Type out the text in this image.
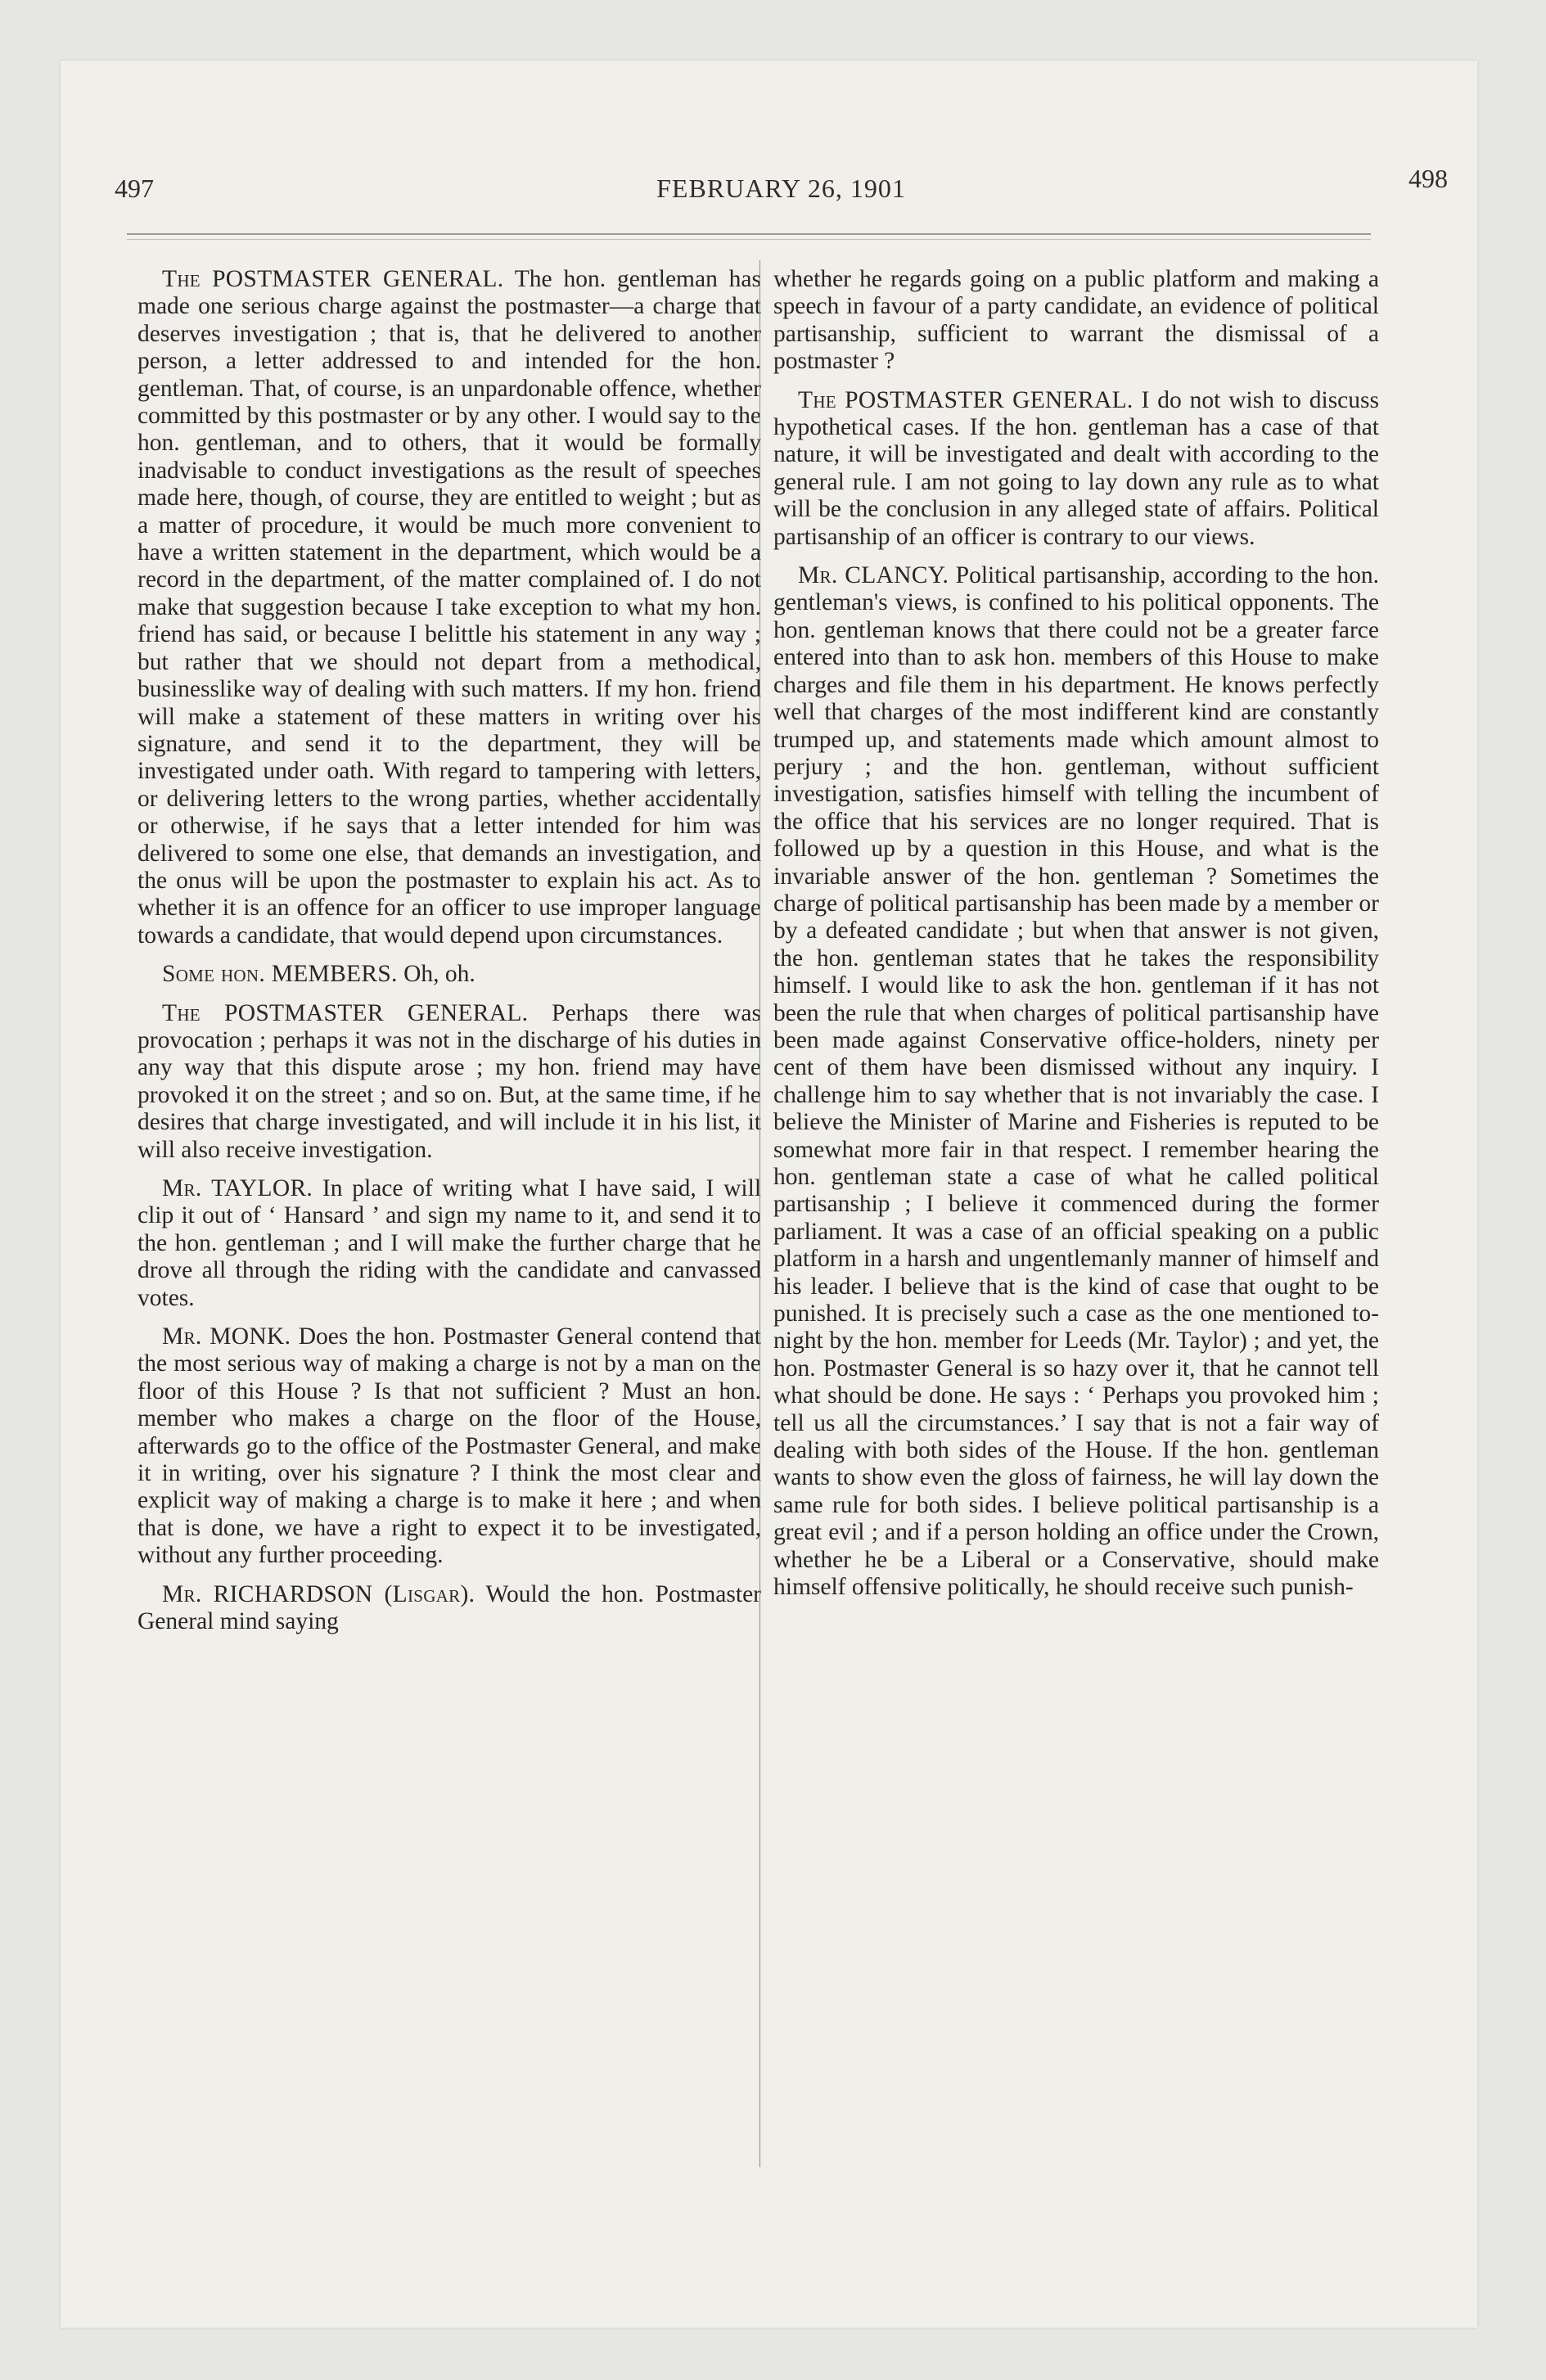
497	FEBRUARY 26, 1901	498

The POSTMASTER GENERAL. The hon. gentleman has made one serious charge against the postmaster—a charge that deserves investigation ; that is, that he delivered to another person, a letter addressed to and intended for the hon. gentleman. That, of course, is an unpardonable offence, whether committed by this postmaster or by any other. I would say to the hon. gentleman, and to others, that it would be formally inadvisable to conduct investigations as the result of speeches made here, though, of course, they are entitled to weight ; but as a matter of procedure, it would be much more convenient to have a written statement in the department, which would be a record in the department, of the matter complained of. I do not make that suggestion because I take exception to what my hon. friend has said, or because I belittle his statement in any way ; but rather that we should not depart from a methodical, businesslike way of dealing with such matters. If my hon. friend will make a statement of these matters in writing over his signature, and send it to the department, they will be investigated under oath. With regard to tampering with letters, or delivering letters to the wrong parties, whether accidentally or otherwise, if he says that a letter intended for him was delivered to some one else, that demands an investigation, and the onus will be upon the postmaster to explain his act. As to whether it is an offence for an officer to use improper language towards a candidate, that would depend upon circumstances.

Some hon. MEMBERS. Oh, oh.

The POSTMASTER GENERAL. Perhaps there was provocation ; perhaps it was not in the discharge of his duties in any way that this dispute arose ; my hon. friend may have provoked it on the street ; and so on. But, at the same time, if he desires that charge investigated, and will include it in his list, it will also receive investigation.

Mr. TAYLOR. In place of writing what I have said, I will clip it out of ‘ Hansard ’ and sign my name to it, and send it to the hon. gentleman ; and I will make the further charge that he drove all through the riding with the candidate and canvassed votes.

Mr. MONK. Does the hon. Postmaster General contend that the most serious way of making a charge is not by a man on the floor of this House ? Is that not sufficient ? Must an hon. member who makes a charge on the floor of the House, afterwards go to the office of the Postmaster General, and make it in writing, over his signature ? I think the most clear and explicit way of making a charge is to make it here ; and when that is done, we have a right to expect it to be investigated, without any further proceeding.

Mr. RICHARDSON (Lisgar). Would the hon. Postmaster General mind saying

whether he regards going on a public platform and making a speech in favour of a party candidate, an evidence of political partisanship, sufficient to warrant the dismissal of a postmaster ?

The POSTMASTER GENERAL. I do not wish to discuss hypothetical cases. If the hon. gentleman has a case of that nature, it will be investigated and dealt with according to the general rule. I am not going to lay down any rule as to what will be the conclusion in any alleged state of affairs. Political partisanship of an officer is contrary to our views.

Mr. CLANCY. Political partisanship, according to the hon. gentleman's views, is confined to his political opponents. The hon. gentleman knows that there could not be a greater farce entered into than to ask hon. members of this House to make charges and file them in his department. He knows perfectly well that charges of the most indifferent kind are constantly trumped up, and statements made which amount almost to perjury ; and the hon. gentleman, without sufficient investigation, satisfies himself with telling the incumbent of the office that his services are no longer required. That is followed up by a question in this House, and what is the invariable answer of the hon. gentleman ? Sometimes the charge of political partisanship has been made by a member or by a defeated candidate ; but when that answer is not given, the hon. gentleman states that he takes the responsibility himself. I would like to ask the hon. gentleman if it has not been the rule that when charges of political partisanship have been made against Conservative office-holders, ninety per cent of them have been dismissed without any inquiry. I challenge him to say whether that is not invariably the case. I believe the Minister of Marine and Fisheries is reputed to be somewhat more fair in that respect. I remember hearing the hon. gentleman state a case of what he called political partisanship ; I believe it commenced during the former parliament. It was a case of an official speaking on a public platform in a harsh and ungentlemanly manner of himself and his leader. I believe that is the kind of case that ought to be punished. It is precisely such a case as the one mentioned to-night by the hon. member for Leeds (Mr. Taylor) ; and yet, the hon. Postmaster General is so hazy over it, that he cannot tell what should be done. He says : ‘ Perhaps you provoked him ; tell us all the circumstances.’ I say that is not a fair way of dealing with both sides of the House. If the hon. gentleman wants to show even the gloss of fairness, he will lay down the same rule for both sides. I believe political partisanship is a great evil ; and if a person holding an office under the Crown, whether he be a Liberal or a Conservative, should make himself offensive politically, he should receive such punish-
